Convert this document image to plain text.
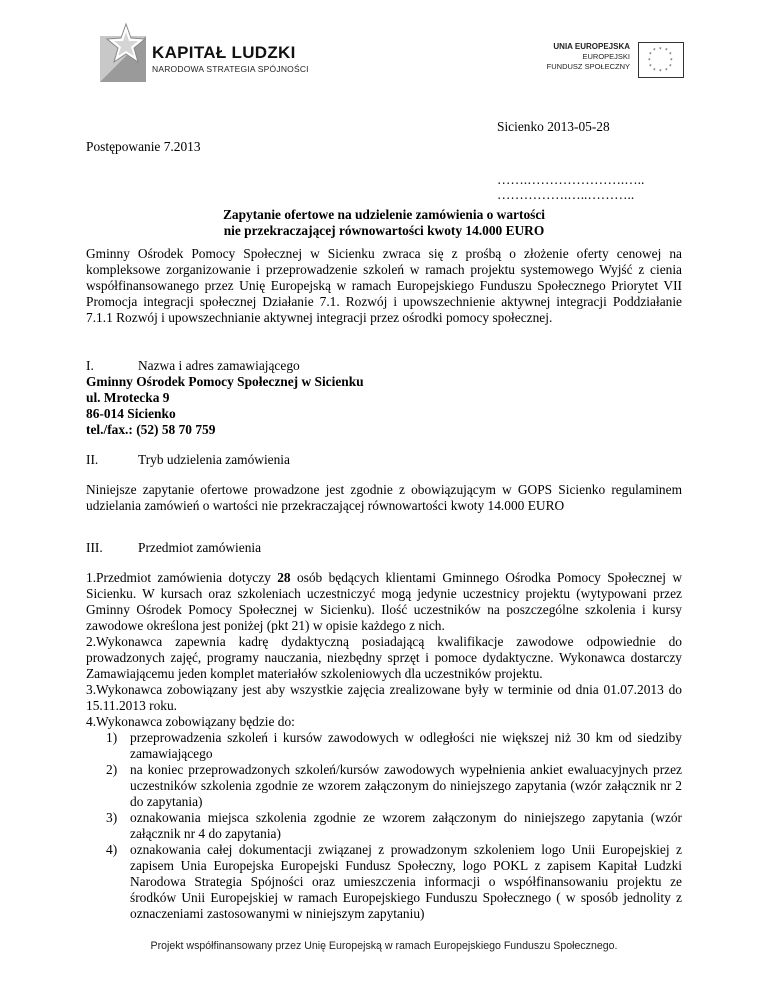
KAPITAŁ LUDZKI
NARODOWA STRATEGIA SPÓJNOŚCI
UNIA EUROPEJSKA
EUROPEJSKI
FUNDUSZ SPOŁECZNY
* *
*
*
*
*
*
*
*
*
*
*
Sicienko 2013-05-28
Postępowanie 7.2013
…….………………….…..
…………….…..………..
Zapytanie ofertowe na udzielenie zamówienia o wartości
nie przekraczającej równowartości kwoty 14.000 EURO
Gminny Ośrodek Pomocy Społecznej w Sicienku zwraca się z prośbą o złożenie oferty cenowej na kompleksowe zorganizowanie i przeprowadzenie szkoleń w ramach projektu systemowego Wyjść z cienia współfinansowanego przez Unię Europejską w ramach Europejskiego Funduszu Społecznego Priorytet VII Promocja integracji społecznej Działanie 7.1. Rozwój i upowszechnienie aktywnej integracji Poddziałanie 7.1.1 Rozwój i upowszechnianie aktywnej integracji przez ośrodki pomocy społecznej.
I.	Nazwa i adres zamawiającego
Gminny Ośrodek Pomocy Społecznej w Sicienku
ul. Mrotecka 9
86-014 Sicienko
tel./fax.: (52) 58 70 759
II.	Tryb udzielenia zamówienia
Niniejsze zapytanie ofertowe prowadzone jest zgodnie z obowiązującym w GOPS Sicienko regulaminem udzielania zamówień o wartości nie przekraczającej równowartości kwoty 14.000 EURO
III.	Przedmiot zamówienia
1.Przedmiot zamówienia dotyczy 28 osób będących klientami Gminnego Ośrodka Pomocy Społecznej w Sicienku. W kursach oraz szkoleniach uczestniczyć mogą jedynie uczestnicy projektu (wytypowani przez Gminny Ośrodek Pomocy Społecznej w Sicienku). Ilość uczestników na poszczególne szkolenia i kursy zawodowe określona jest poniżej (pkt 21) w opisie każdego z nich.
2.Wykonawca zapewnia kadrę dydaktyczną posiadającą kwalifikacje zawodowe odpowiednie do prowadzonych zajęć, programy nauczania, niezbędny sprzęt i pomoce dydaktyczne. Wykonawca dostarczy Zamawiającemu jeden komplet materiałów szkoleniowych dla uczestników projektu.
3.Wykonawca zobowiązany jest aby wszystkie zajęcia zrealizowane były w terminie od dnia 01.07.2013 do 15.11.2013 roku.
4.Wykonawca zobowiązany będzie do:
1) przeprowadzenia szkoleń i kursów zawodowych w odległości nie większej niż 30 km od siedziby zamawiającego
2) na koniec przeprowadzonych szkoleń/kursów zawodowych wypełnienia ankiet ewaluacyjnych przez uczestników szkolenia zgodnie ze wzorem załączonym do niniejszego zapytania (wzór załącznik nr 2 do zapytania)
3) oznakowania miejsca szkolenia zgodnie ze wzorem załączonym do niniejszego zapytania (wzór załącznik nr 4 do zapytania)
4) oznakowania całej dokumentacji związanej z prowadzonym szkoleniem logo Unii Europejskiej z zapisem Unia Europejska Europejski Fundusz Społeczny, logo POKL z zapisem Kapitał Ludzki Narodowa Strategia Spójności oraz umieszczenia informacji o współfinansowaniu projektu ze środków Unii Europejskiej w ramach Europejskiego Funduszu Społecznego ( w sposób jednolity z oznaczeniami zastosowanymi w niniejszym zapytaniu)
Projekt współfinansowany przez Unię Europejską w ramach Europejskiego Funduszu Społecznego.
